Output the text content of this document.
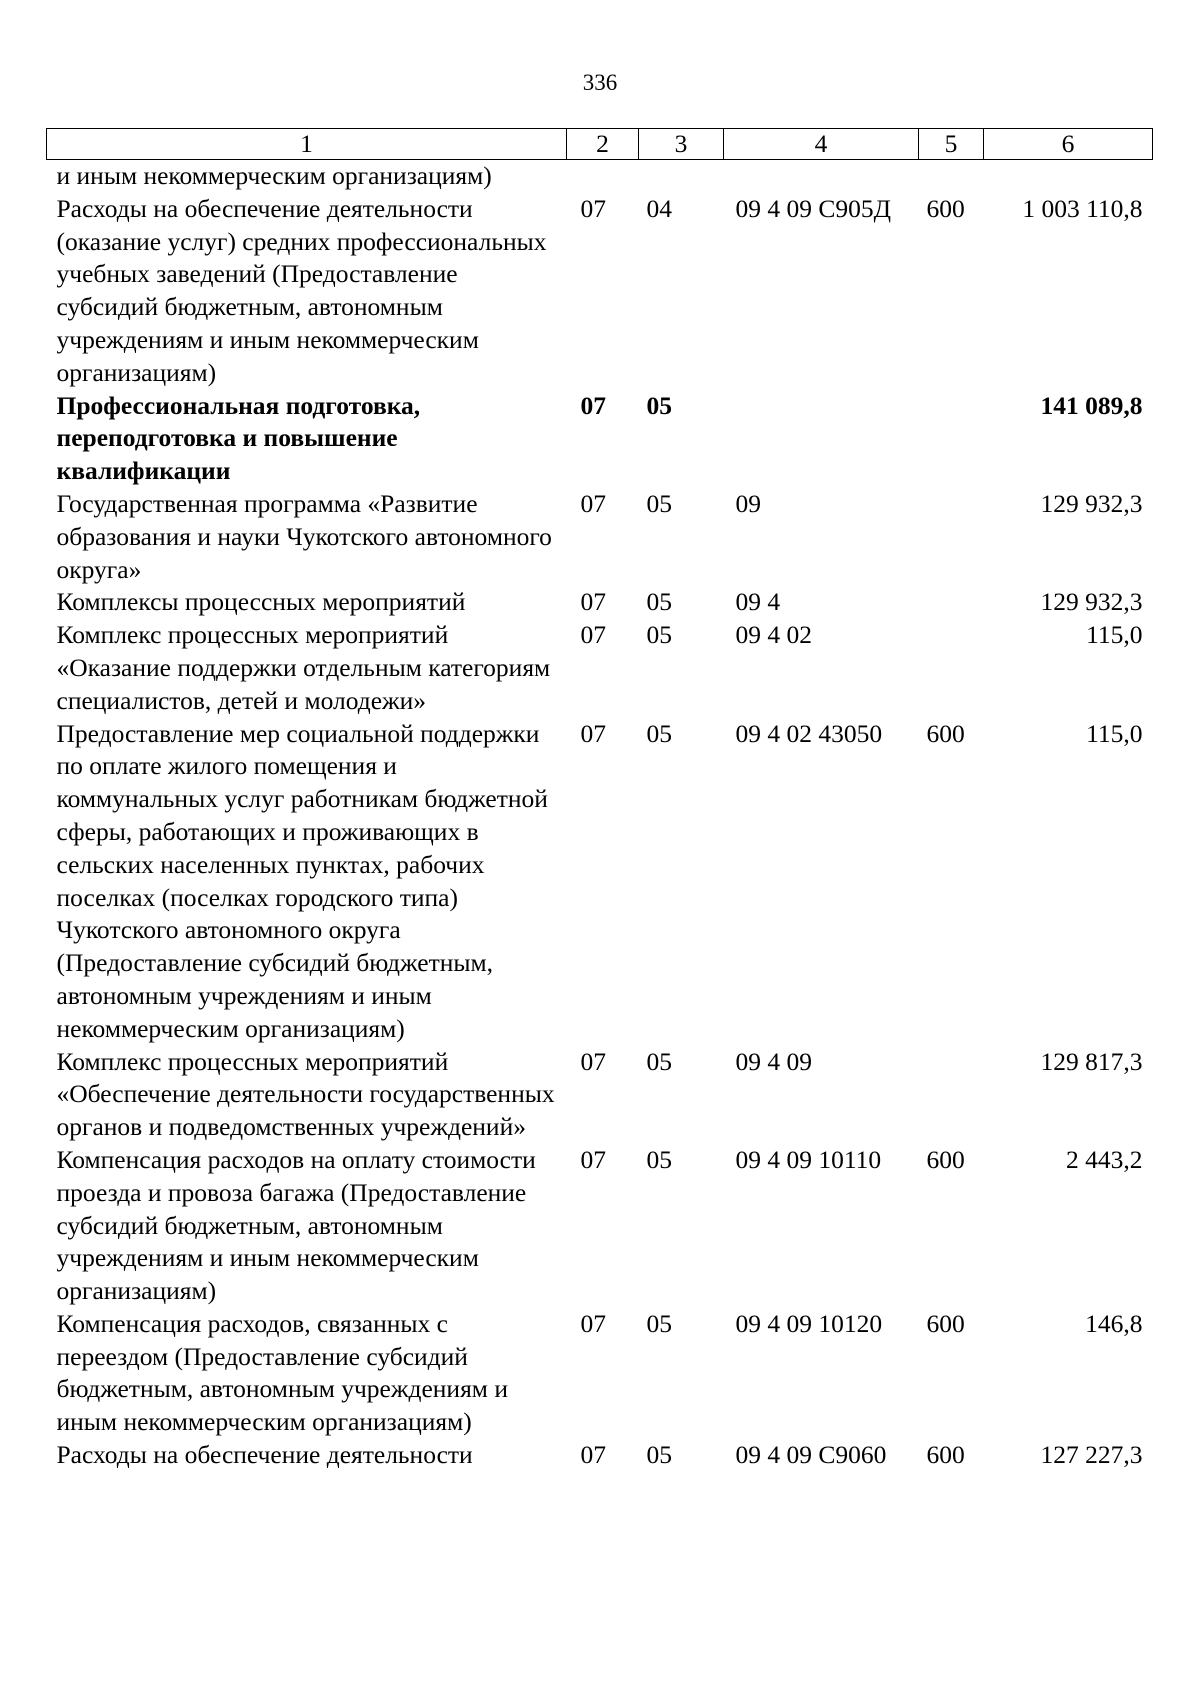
336
1	2	3	4	5	6
и иным некоммерческим организациям)					
Расходы на обеспечение деятельности (оказание услуг) средних профессиональных учебных заведений (Предоставление субсидий бюджетным, автономным учреждениям и иным некоммерческим организациям)	07	04	09 4 09 С905Д	600	1 003 110,8
Профессиональная подготовка, переподготовка и повышение квалификации	07	05			141 089,8
Государственная программа «Развитие образования и науки Чукотского автономного округа»	07	05	09		129 932,3
Комплексы процессных мероприятий	07	05	09 4		129 932,3
Комплекс процессных мероприятий «Оказание поддержки отдельным категориям специалистов, детей и молодежи»	07	05	09 4 02		115,0
Предоставление мер социальной поддержки по оплате жилого помещения и коммунальных услуг работникам бюджетной сферы, работающих и проживающих в сельских населенных пунктах, рабочих поселках (поселках городского типа) Чукотского автономного округа (Предоставление субсидий бюджетным, автономным учреждениям и иным некоммерческим организациям)	07	05	09 4 02 43050	600	115,0
Комплекс процессных мероприятий «Обеспечение деятельности государственных органов и подведомственных учреждений»	07	05	09 4 09		129 817,3
Компенсация расходов на оплату стоимости проезда и провоза багажа (Предоставление субсидий бюджетным, автономным учреждениям и иным некоммерческим организациям)	07	05	09 4 09 10110	600	2 443,2
Компенсация расходов, связанных с переездом (Предоставление субсидий бюджетным, автономным учреждениям и иным некоммерческим организациям)	07	05	09 4 09 10120	600	146,8
Расходы на обеспечение деятельности	07	05	09 4 09 С9060	600	127 227,3
